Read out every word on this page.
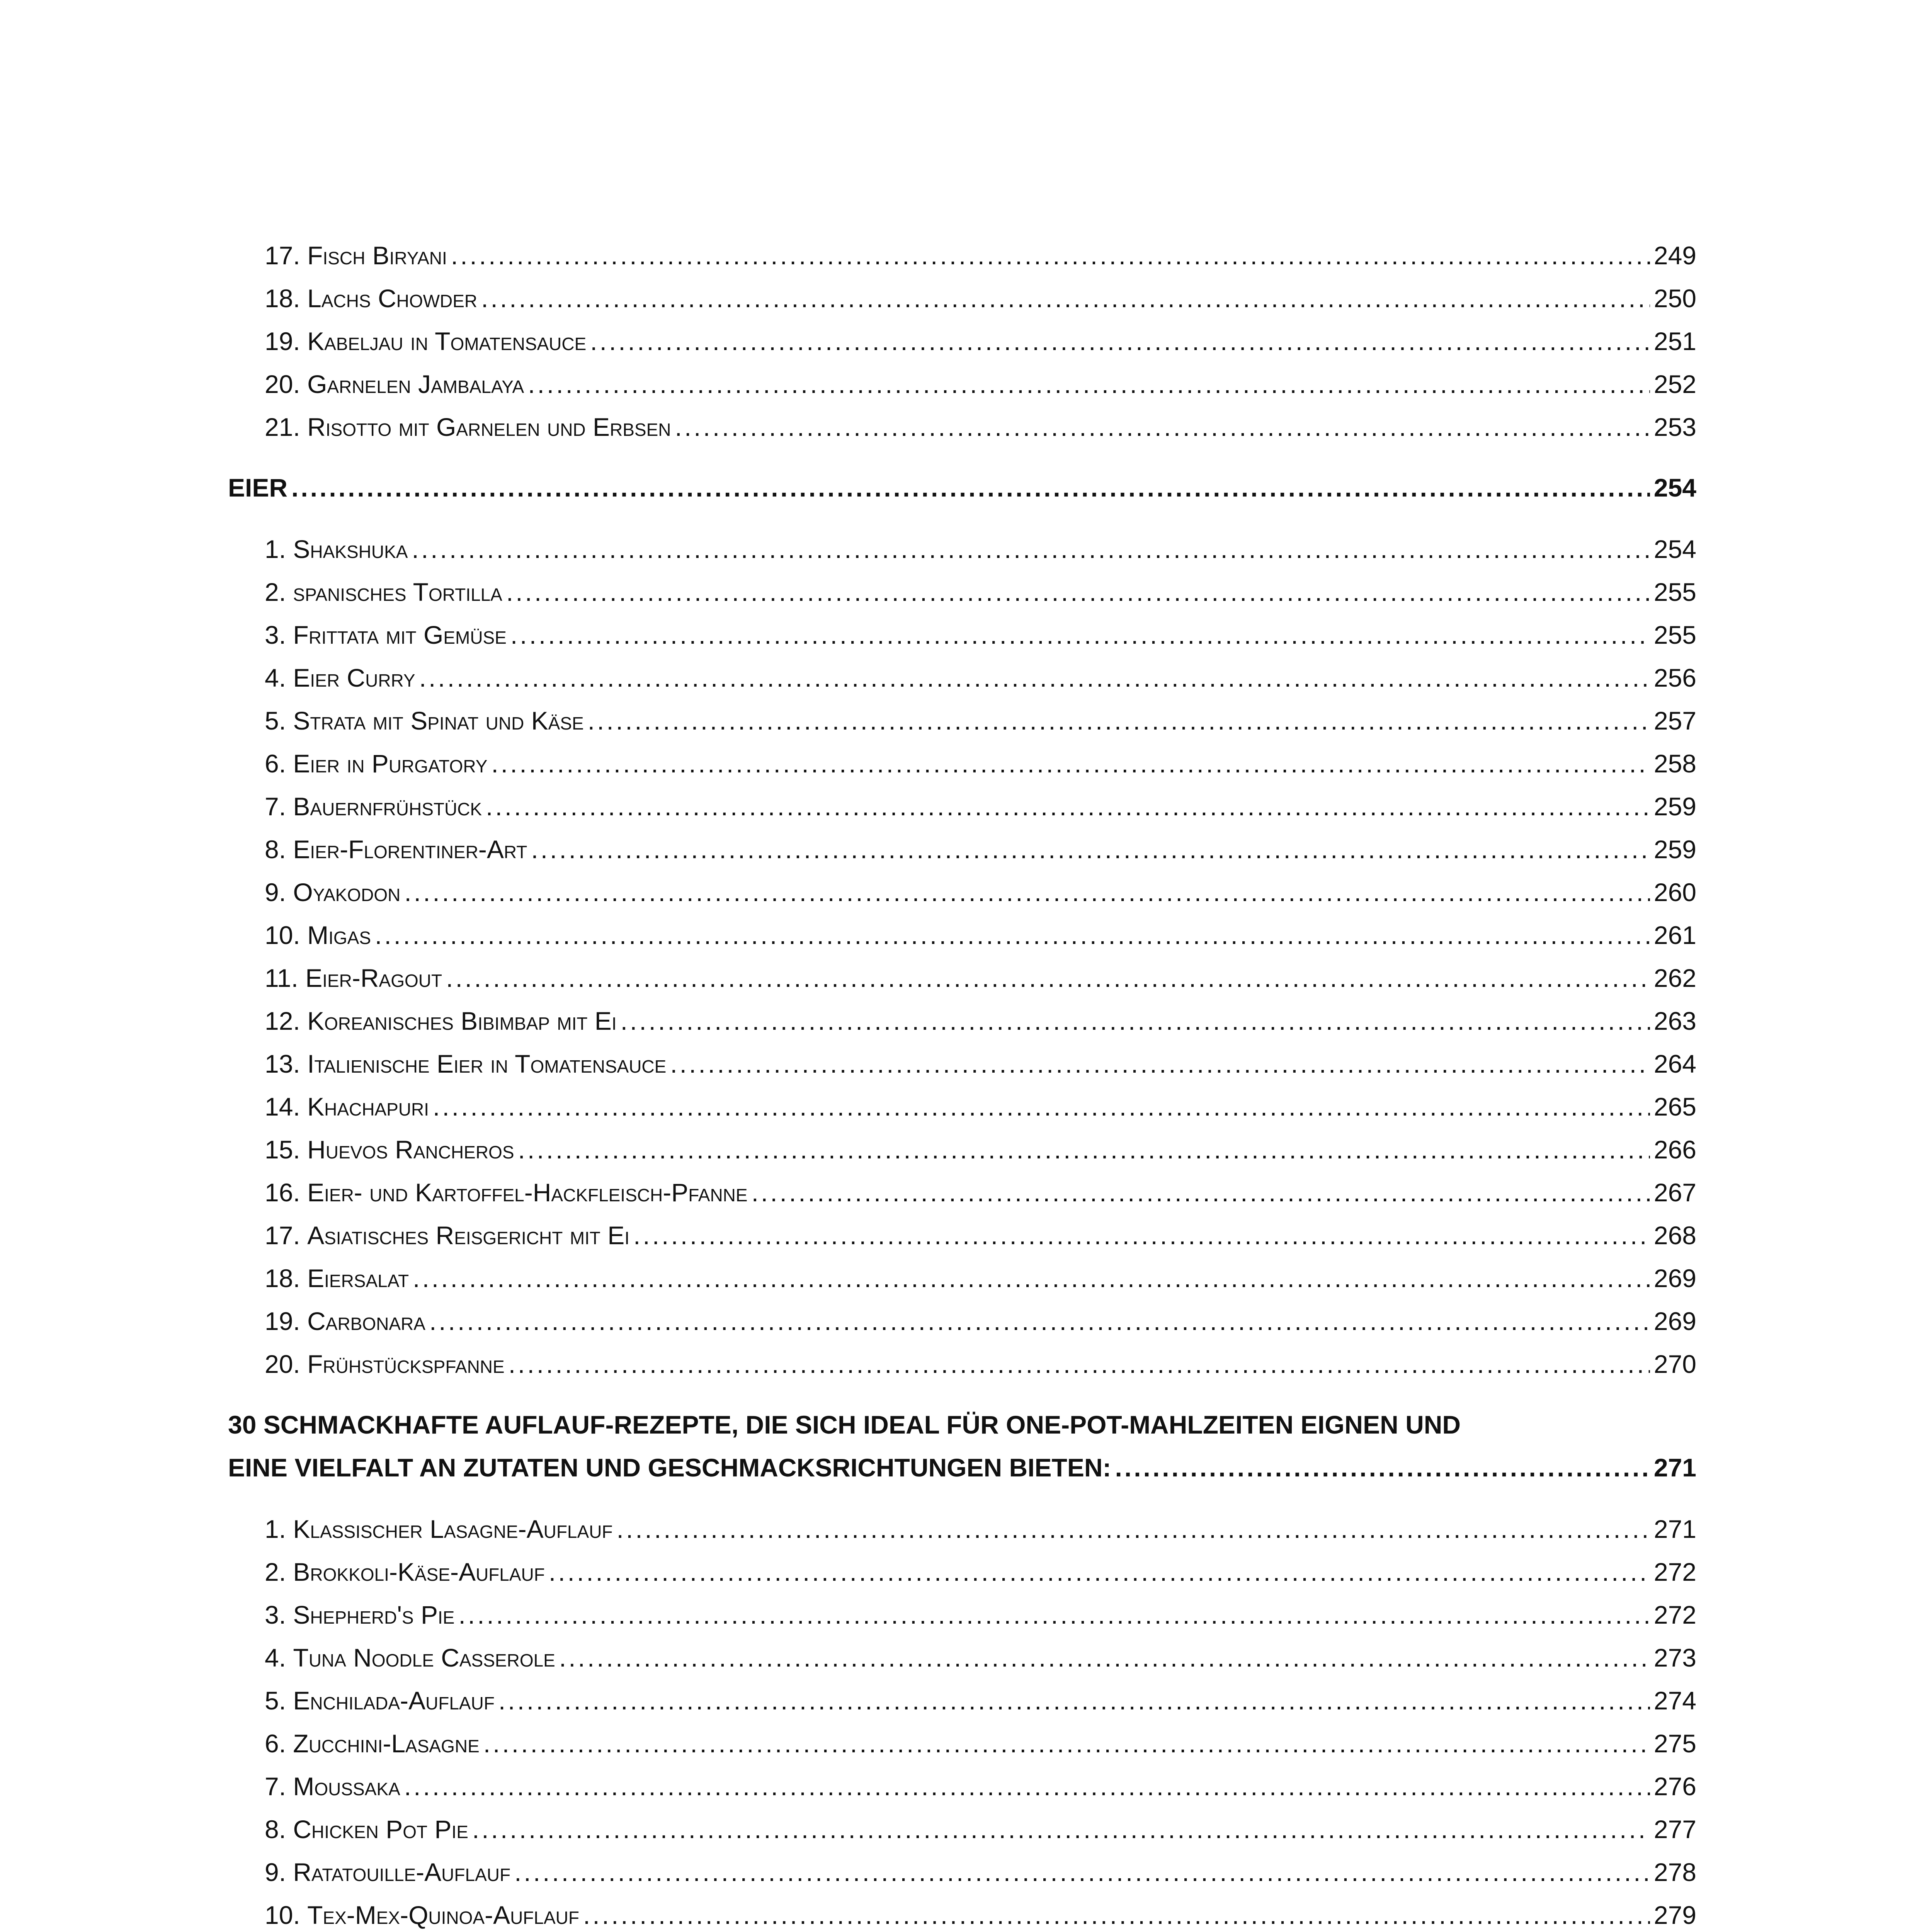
17. Fisch Biryani .....	249
18. Lachs Chowder .....	250
19. Kabeljau in Tomatensauce .....	251
20. Garnelen Jambalaya .....	252
21. Risotto mit Garnelen und Erbsen .....	253
EIER .....	254
1. Shakshuka .....	254
2. spanisches Tortilla .....	255
3. Frittata mit Gemüse .....	255
4. Eier Curry .....	256
5. Strata mit Spinat und Käse .....	257
6. Eier in Purgatory .....	258
7. Bauernfrühstück .....	259
8. Eier-Florentiner-Art .....	259
9. Oyakodon .....	260
10. Migas .....	261
11. Eier-Ragout .....	262
12. Koreanisches Bibimbap mit Ei .....	263
13. Italienische Eier in Tomatensauce .....	264
14. Khachapuri .....	265
15. Huevos Rancheros .....	266
16. Eier- und Kartoffel-Hackfleisch-Pfanne .....	267
17. Asiatisches Reisgericht mit Ei .....	268
18. Eiersalat .....	269
19. Carbonara .....	269
20. Frühstückspfanne .....	270
30 SCHMACKHAFTE AUFLAUF-REZEPTE, DIE SICH IDEAL FÜR ONE-POT-MAHLZEITEN EIGNEN UND
EINE VIELFALT AN ZUTATEN UND GESCHMACKSRICHTUNGEN BIETEN: .....	271
1. Klassischer Lasagne-Auflauf .....	271
2. Brokkoli-Käse-Auflauf .....	272
3. Shepherd's Pie .....	272
4. Tuna Noodle Casserole .....	273
5. Enchilada-Auflauf .....	274
6. Zucchini-Lasagne .....	275
7. Moussaka .....	276
8. Chicken Pot Pie .....	277
9. Ratatouille-Auflauf .....	278
10. Tex-Mex-Quinoa-Auflauf .....	279
